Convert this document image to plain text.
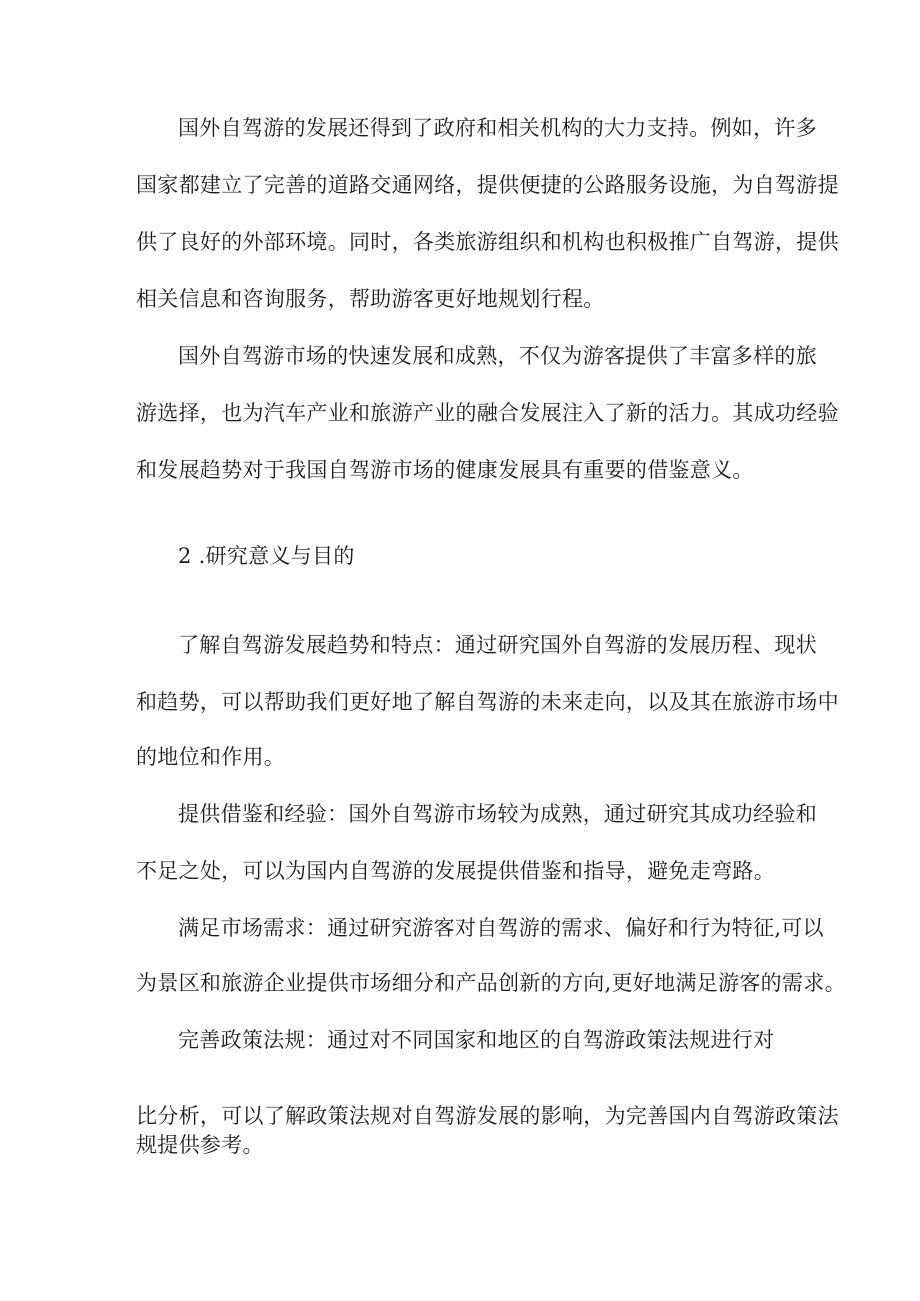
国外自驾游的发展还得到了政府和相关机构的大力支持。例如，许多
国家都建立了完善的道路交通网络，提供便捷的公路服务设施，为自驾游提
供了良好的外部环境。同时，各类旅游组织和机构也积极推广自驾游，提供
相关信息和咨询服务，帮助游客更好地规划行程。
国外自驾游市场的快速发展和成熟，不仅为游客提供了丰富多样的旅
游选择，也为汽车产业和旅游产业的融合发展注入了新的活力。其成功经验
和发展趋势对于我国自驾游市场的健康发展具有重要的借鉴意义。
2 .研究意义与目的
了解自驾游发展趋势和特点：通过研究国外自驾游的发展历程、现状
和趋势，可以帮助我们更好地了解自驾游的未来走向，以及其在旅游市场中
的地位和作用。
提供借鉴和经验：国外自驾游市场较为成熟，通过研究其成功经验和
不足之处，可以为国内自驾游的发展提供借鉴和指导，避免走弯路。
满足市场需求：通过研究游客对自驾游的需求、偏好和行为特征,可以
为景区和旅游企业提供市场细分和产品创新的方向,更好地满足游客的需求。
完善政策法规：通过对不同国家和地区的自驾游政策法规进行对
比分析，可以了解政策法规对自驾游发展的影响，为完善国内自驾游政策法
规提供参考。
